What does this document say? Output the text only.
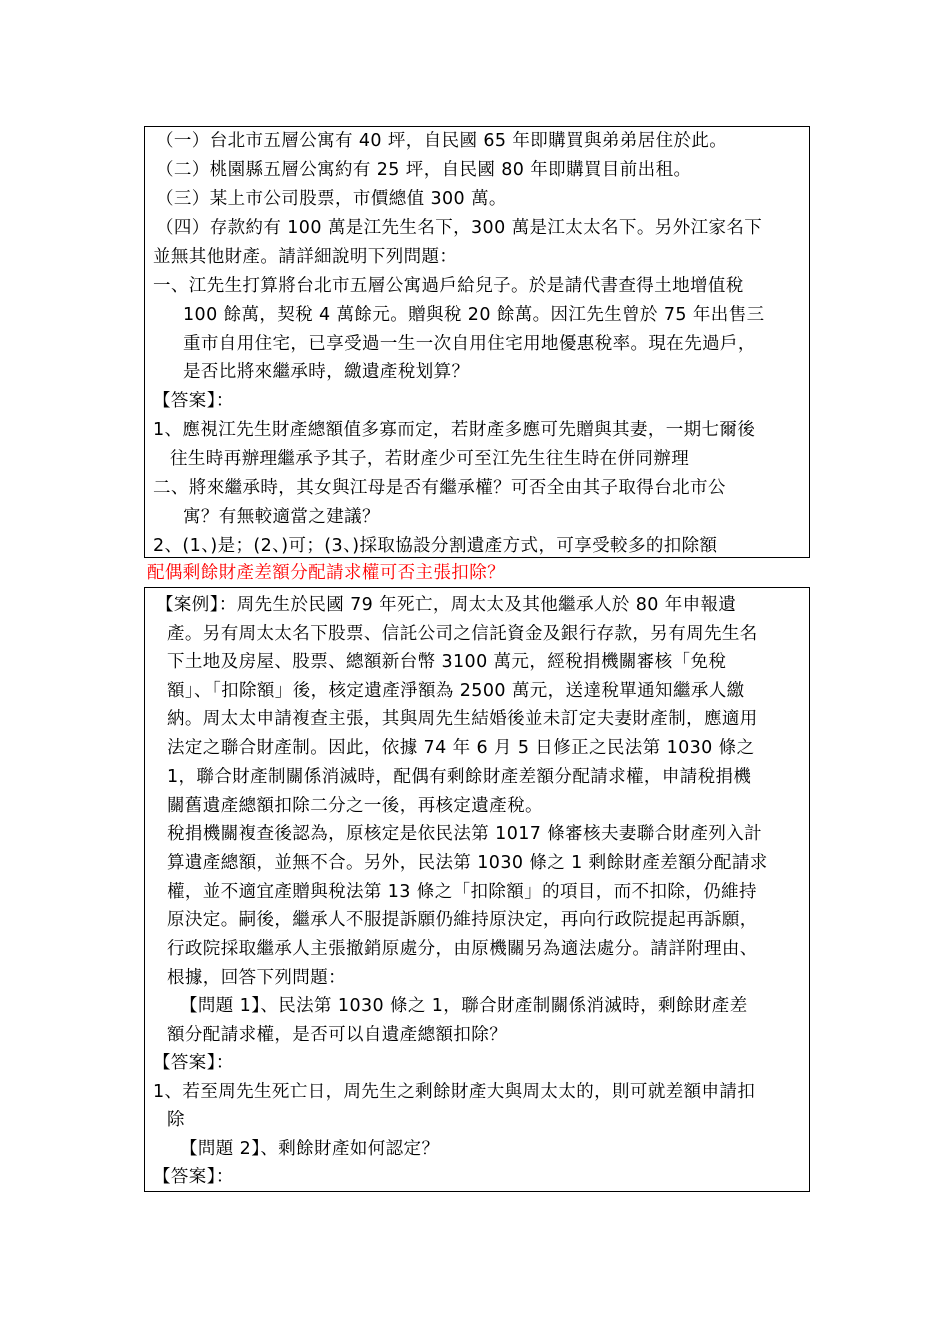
（一）台北市五層公寓有 40 坪，自民國 65 年即購買與弟弟居住於此。
（二）桃園縣五層公寓約有 25 坪，自民國 80 年即購買目前出租。
（三）某上市公司股票，市價總值 300 萬。
（四）存款約有 100 萬是江先生名下，300 萬是江太太名下。另外江家名下
並無其他財產。請詳細說明下列問題：
一、江先生打算將台北市五層公寓過戶給兒子。於是請代書查得土地增值稅
100 餘萬，契稅 4 萬餘元。贈與稅 20 餘萬。因江先生曾於 75 年出售三
重市自用住宅，已享受過一生一次自用住宅用地優惠稅率。現在先過戶，
是否比將來繼承時，繳遺產稅划算？
【答案】：
1、應視江先生財產總額值多寡而定，若財產多應可先贈與其妻，一期七爾後
往生時再辦理繼承予其子，若財產少可至江先生往生時在併同辦理
二、將來繼承時，其女與江母是否有繼承權？可否全由其子取得台北市公
寓？有無較適當之建議？
2、(1、)是；(2、)可；(3、)採取協設分割遺產方式，可享受較多的扣除額
配偶剩餘財產差額分配請求權可否主張扣除？
【案例】：周先生於民國 79 年死亡，周太太及其他繼承人於 80 年申報遺
產。另有周太太名下股票、信託公司之信託資金及銀行存款，另有周先生名
下土地及房屋、股票、總額新台幣 3100 萬元，經稅捐機關審核「免稅
額」、「扣除額」後，核定遺產淨額為 2500 萬元，送達稅單通知繼承人繳
納。周太太申請複查主張，其與周先生結婚後並未訂定夫妻財產制，應適用
法定之聯合財產制。因此，依據 74 年 6 月 5 日修正之民法第 1030 條之
1，聯合財產制關係消滅時，配偶有剩餘財產差額分配請求權，申請稅捐機
關舊遺產總額扣除二分之一後，再核定遺產稅。
稅捐機關複查後認為，原核定是依民法第 1017 條審核夫妻聯合財產列入計
算遺產總額，並無不合。另外，民法第 1030 條之 1 剩餘財產差額分配請求
權，並不適宜產贈與稅法第 13 條之「扣除額」的項目，而不扣除，仍維持
原決定。嗣後，繼承人不服提訴願仍維持原決定，再向行政院提起再訴願，
行政院採取繼承人主張撤銷原處分，由原機關另為適法處分。請詳附理由、
根據，回答下列問題：
【問題 1】、民法第 1030 條之 1，聯合財產制關係消滅時，剩餘財產差
額分配請求權，是否可以自遺產總額扣除？
【答案】：
1、若至周先生死亡日，周先生之剩餘財產大與周太太的，則可就差額申請扣
除
【問題 2】、剩餘財產如何認定？
【答案】：
